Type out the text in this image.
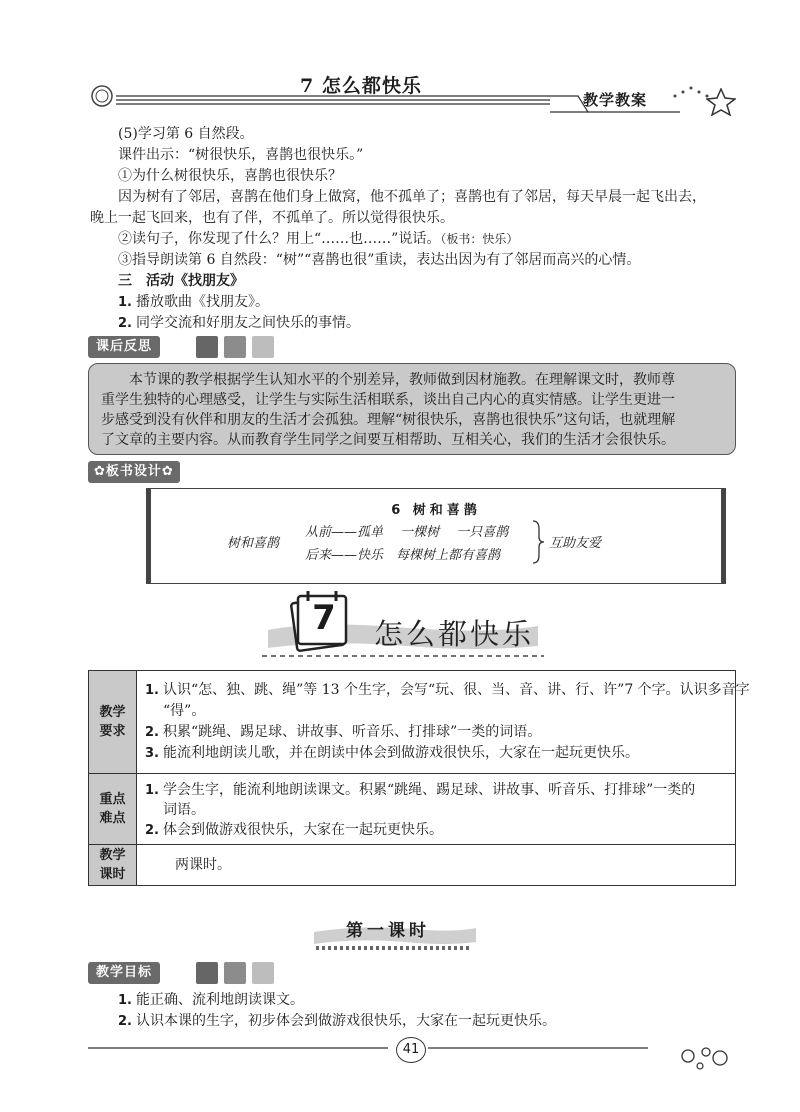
7 怎么都快乐
教学教案
(5)学习第 6 自然段。
课件出示：“树很快乐，喜鹊也很快乐。”
①为什么树很快乐，喜鹊也很快乐？
因为树有了邻居，喜鹊在他们身上做窝，他不孤单了；喜鹊也有了邻居，每天早晨一起飞出去，
晚上一起飞回来，也有了伴，不孤单了。所以觉得很快乐。
②读句子，你发现了什么？用上“……也……”说话。（板书：快乐）
③指导朗读第 6 自然段：“树”“喜鹊也很”重读，表达出因为有了邻居而高兴的心情。
三　活动《找朋友》
1. 播放歌曲《找朋友》。
2. 同学交流和好朋友之间快乐的事情。
课后反思
　　本节课的教学根据学生认知水平的个别差异，教师做到因材施教。在理解课文时，教师尊
重学生独特的心理感受，让学生与实际生活相联系，谈出自己内心的真实情感。让学生更进一
步感受到没有伙伴和朋友的生活才会孤独。理解“树很快乐，喜鹊也很快乐”这句话，也就理解
了文章的主要内容。从而教育学生同学之间要互相帮助、互相关心，我们的生活才会很快乐。
✿板书设计✿
6 树和喜鹊
树和喜鹊
从前——孤单　 一棵树　 一只喜鹊
后来——快乐　每棵树上都有喜鹊
互助友爱
7	怎么都快乐
教学
要求
重点
难点
教学
课时
1. 认识“怎、独、跳、绳”等 13 个生字，会写“玩、很、当、音、讲、行、许”7 个字。认识多音字
“得”。
2. 积累“跳绳、踢足球、讲故事、听音乐、打排球”一类的词语。
3. 能流利地朗读儿歌，并在朗读中体会到做游戏很快乐，大家在一起玩更快乐。
1. 学会生字，能流利地朗读课文。积累“跳绳、踢足球、讲故事、听音乐、打排球”一类的
词语。
2. 体会到做游戏很快乐，大家在一起玩更快乐。
两课时。
第一课时
教学目标
1. 能正确、流利地朗读课文。
2. 认识本课的生字，初步体会到做游戏很快乐，大家在一起玩更快乐。
41
